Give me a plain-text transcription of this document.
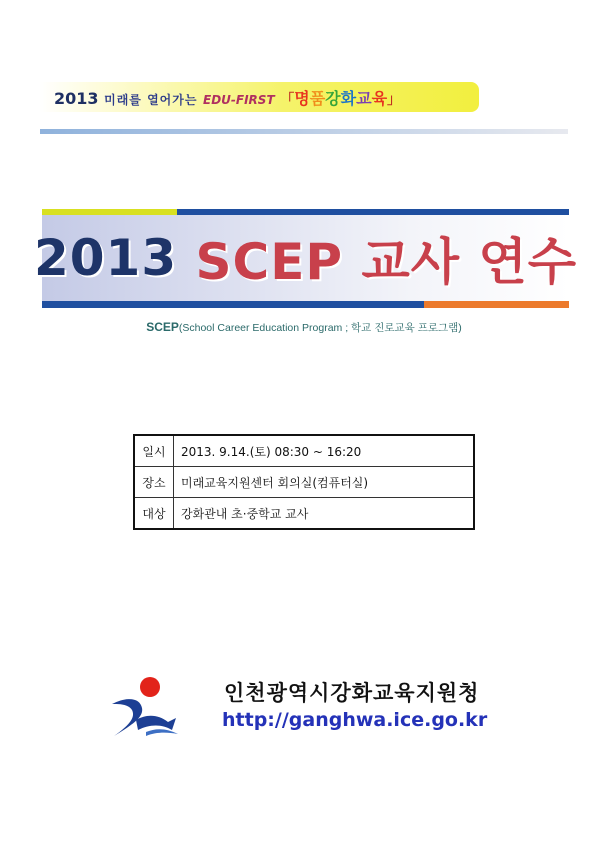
2013 미래를 열어가는 EDU-FIRST 「명품강화교육」
2013 SCEP 교사 연수
SCEP(School Career Education Program ; 학교 진로교육 프로그램)
일시	2013. 9.14.(토) 08:30 ~ 16:20
장소	미래교육지원센터 회의실(컴퓨터실)
대상	강화관내 초·중학교 교사
인천광역시강화교육지원청
http://ganghwa.ice.go.kr
